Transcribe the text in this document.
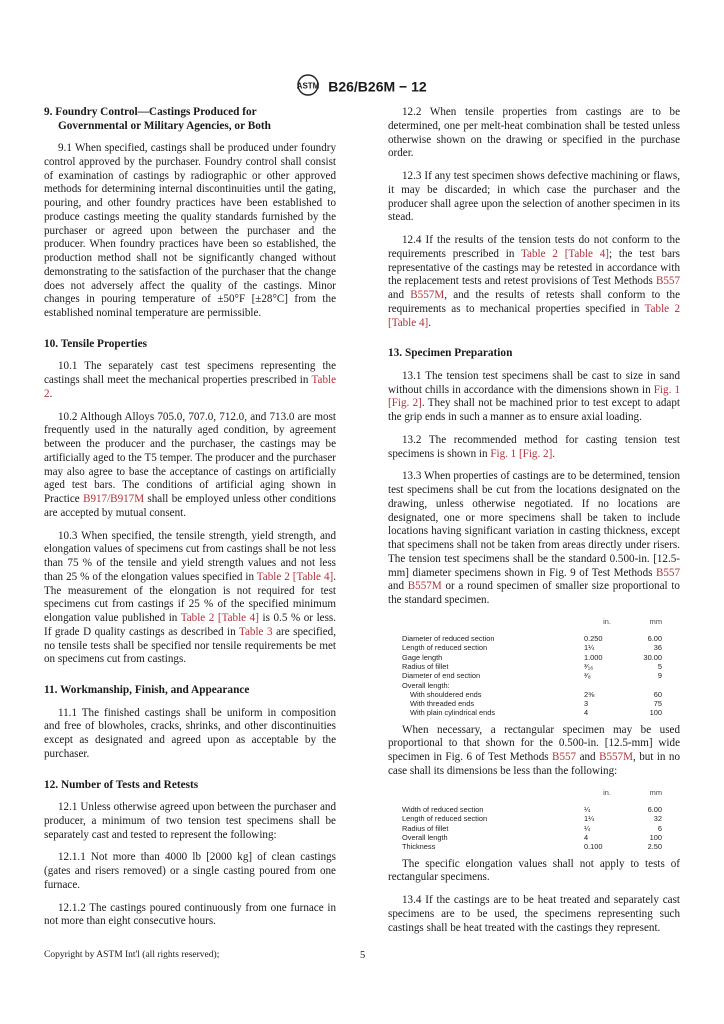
ASTM B26/B26M − 12
9. Foundry Control—Castings Produced for
Governmental or Military Agencies, or Both

9.1 When specified, castings shall be produced under foundry control approved by the purchaser. Foundry control shall consist of examination of castings by radiographic or other approved methods for determining internal discontinuities until the gating, pouring, and other foundry practices have been established to produce castings meeting the quality standards furnished by the purchaser or agreed upon between the purchaser and the producer. When foundry practices have been so established, the production method shall not be significantly changed without demonstrating to the satisfaction of the purchaser that the change does not adversely affect the quality of the castings. Minor changes in pouring temperature of ±50°F [±28°C] from the established nominal temperature are permissible.

10. Tensile Properties

10.1 The separately cast test specimens representing the castings shall meet the mechanical properties prescribed in Table 2.

10.2 Although Alloys 705.0, 707.0, 712.0, and 713.0 are most frequently used in the naturally aged condition, by agreement between the producer and the purchaser, the castings may be artificially aged to the T5 temper. The producer and the purchaser may also agree to base the acceptance of castings on artificially aged test bars. The conditions of artificial aging shown in Practice B917/B917M shall be employed unless other conditions are accepted by mutual consent.

10.3 When specified, the tensile strength, yield strength, and elongation values of specimens cut from castings shall be not less than 75 % of the tensile and yield strength values and not less than 25 % of the elongation values specified in Table 2 [Table 4]. The measurement of the elongation is not required for test specimens cut from castings if 25 % of the specified minimum elongation value published in Table 2 [Table 4] is 0.5 % or less. If grade D quality castings as described in Table 3 are specified, no tensile tests shall be specified nor tensile requirements be met on specimens cut from castings.

11. Workmanship, Finish, and Appearance

11.1 The finished castings shall be uniform in composition and free of blowholes, cracks, shrinks, and other discontinuities except as designated and agreed upon as acceptable by the purchaser.

12. Number of Tests and Retests

12.1 Unless otherwise agreed upon between the purchaser and producer, a minimum of two tension test specimens shall be separately cast and tested to represent the following:

12.1.1 Not more than 4000 lb [2000 kg] of clean castings (gates and risers removed) or a single casting poured from one furnace.

12.1.2 The castings poured continuously from one furnace in not more than eight consecutive hours.

12.2 When tensile properties from castings are to be determined, one per melt-heat combination shall be tested unless otherwise shown on the drawing or specified in the purchase order.

12.3 If any test specimen shows defective machining or flaws, it may be discarded; in which case the purchaser and the producer shall agree upon the selection of another specimen in its stead.

12.4 If the results of the tension tests do not conform to the requirements prescribed in Table 2 [Table 4]; the test bars representative of the castings may be retested in accordance with the replacement tests and retest provisions of Test Methods B557 and B557M, and the results of retests shall conform to the requirements as to mechanical properties specified in Table 2 [Table 4].

13. Specimen Preparation

13.1 The tension test specimens shall be cast to size in sand without chills in accordance with the dimensions shown in Fig. 1 [Fig. 2]. They shall not be machined prior to test except to adapt the grip ends in such a manner as to ensure axial loading.

13.2 The recommended method for casting tension test specimens is shown in Fig. 1 [Fig. 2].

13.3 When properties of castings are to be determined, tension test specimens shall be cut from the locations designated on the drawing, unless otherwise negotiated. If no locations are designated, one or more specimens shall be taken to include locations having significant variation in casting thickness, except that specimens shall not be taken from areas directly under risers. The tension test specimens shall be the standard 0.500-in. [12.5-mm] diameter specimens shown in Fig. 9 of Test Methods B557 and B557M or a round specimen of smaller size proportional to the standard specimen.

	in.	mm
Diameter of reduced section	0.250	6.00
Length of reduced section	1¼	36
Gage length	1.000	30.00
Radius of fillet	³⁄₁₆	5
Diameter of end section	³⁄₈	9
Overall length:		
With shouldered ends	2⅜	60
With threaded ends	3	75
With plain cylindrical ends	4	100

When necessary, a rectangular specimen may be used proportional to that shown for the 0.500-in. [12.5-mm] wide specimen in Fig. 6 of Test Methods B557 and B557M, but in no case shall its dimensions be less than the following:

	in.	mm
Width of reduced section	¼	6.00
Length of reduced section	1¼	32
Radius of fillet	¼	6
Overall length	4	100
Thickness	0.100	2.50

The specific elongation values shall not apply to tests of rectangular specimens.

13.4 If the castings are to be heat treated and separately cast specimens are to be used, the specimens representing such castings shall be heat treated with the castings they represent.

Copyright by ASTM Int'l (all rights reserved);	5
